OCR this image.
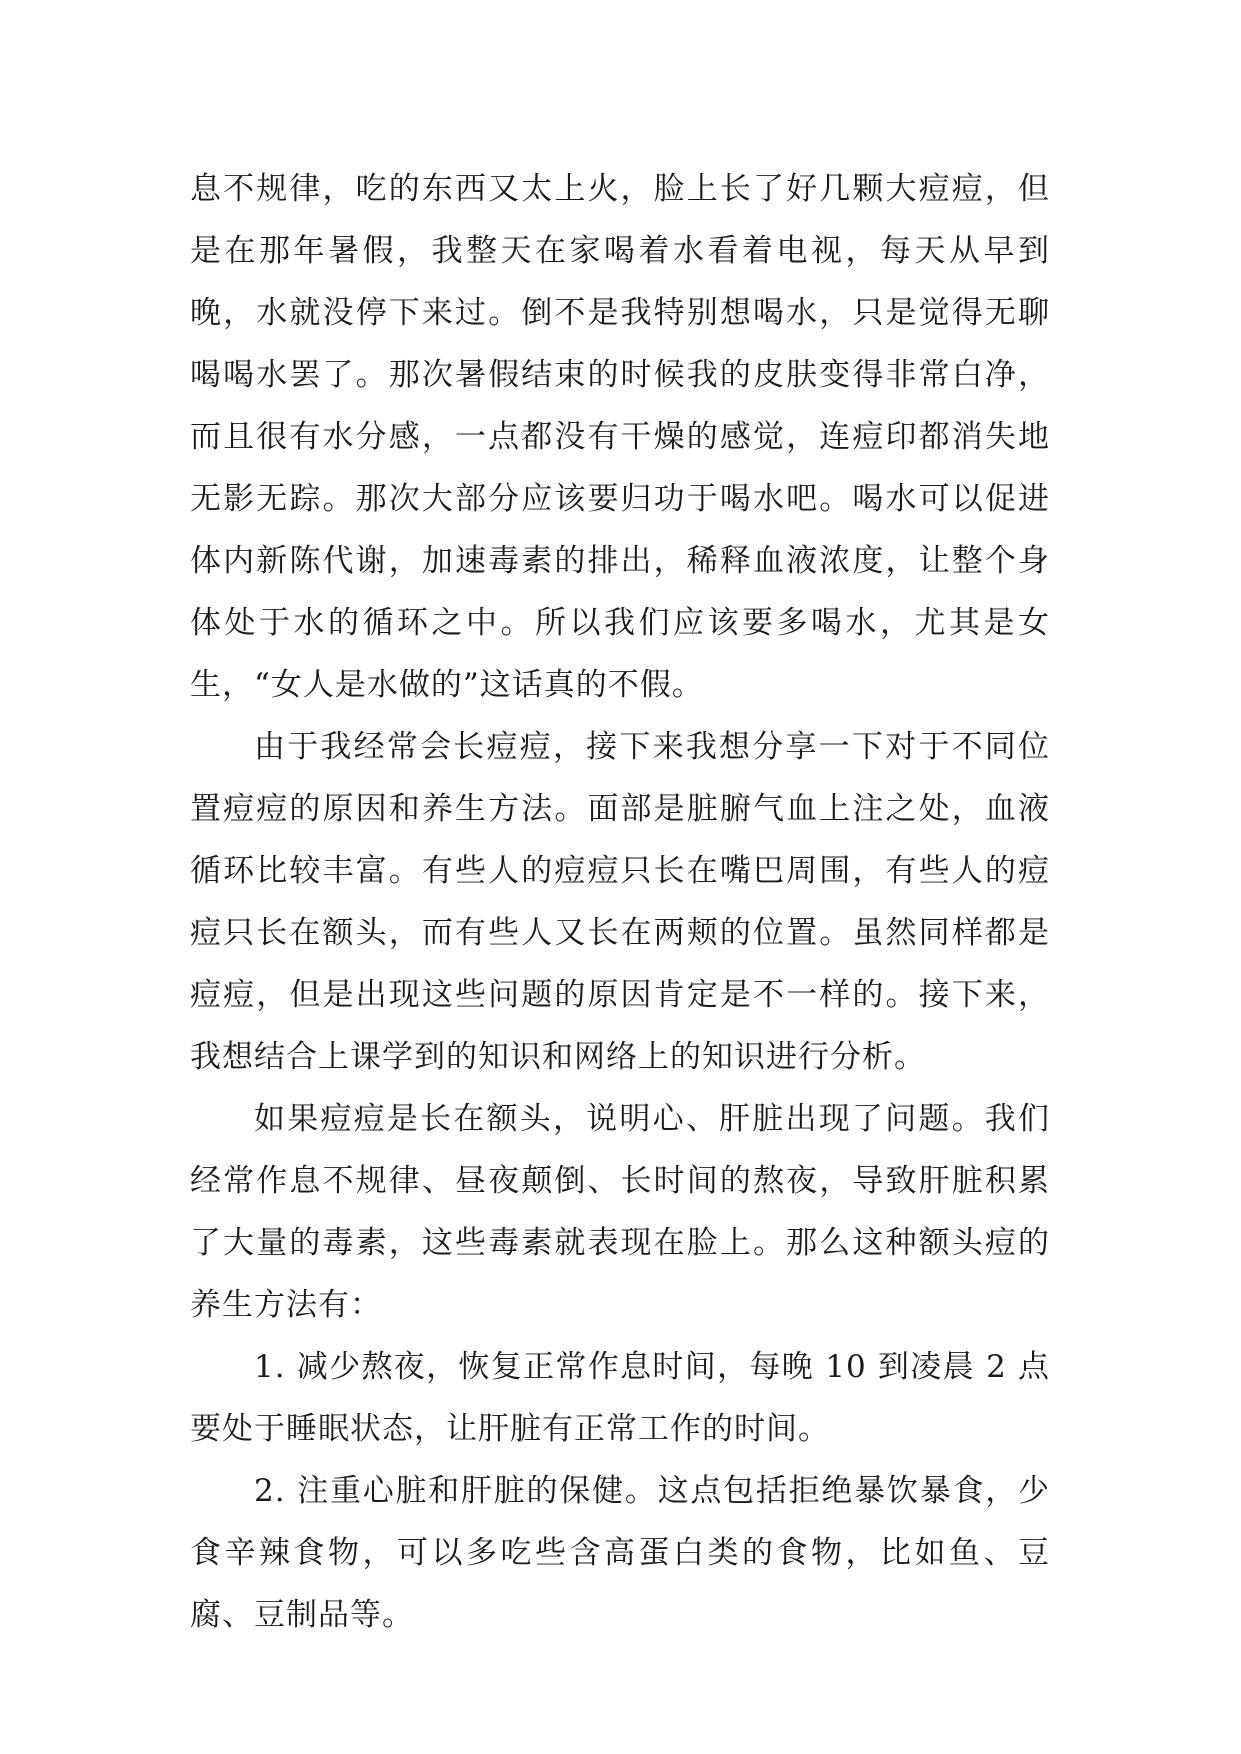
息不规律，吃的东西又太上火，脸上长了好几颗大痘痘，但是在那年暑假，我整天在家喝着水看着电视，每天从早到晚，水就没停下来过。倒不是我特别想喝水，只是觉得无聊喝喝水罢了。那次暑假结束的时候我的皮肤变得非常白净，而且很有水分感，一点都没有干燥的感觉，连痘印都消失地无影无踪。那次大部分应该要归功于喝水吧。喝水可以促进体内新陈代谢，加速毒素的排出，稀释血液浓度，让整个身体处于水的循环之中。所以我们应该要多喝水，尤其是女生，“女人是水做的”这话真的不假。

由于我经常会长痘痘，接下来我想分享一下对于不同位置痘痘的原因和养生方法。面部是脏腑气血上注之处，血液循环比较丰富。有些人的痘痘只长在嘴巴周围，有些人的痘痘只长在额头，而有些人又长在两颊的位置。虽然同样都是痘痘，但是出现这些问题的原因肯定是不一样的。接下来，我想结合上课学到的知识和网络上的知识进行分析。

如果痘痘是长在额头，说明心、肝脏出现了问题。我们经常作息不规律、昼夜颠倒、长时间的熬夜，导致肝脏积累了大量的毒素，这些毒素就表现在脸上。那么这种额头痘的养生方法有：

1. 减少熬夜，恢复正常作息时间，每晚 10 到凌晨 2 点要处于睡眠状态，让肝脏有正常工作的时间。

2. 注重心脏和肝脏的保健。这点包括拒绝暴饮暴食，少食辛辣食物，可以多吃些含高蛋白类的食物，比如鱼、豆腐、豆制品等。
